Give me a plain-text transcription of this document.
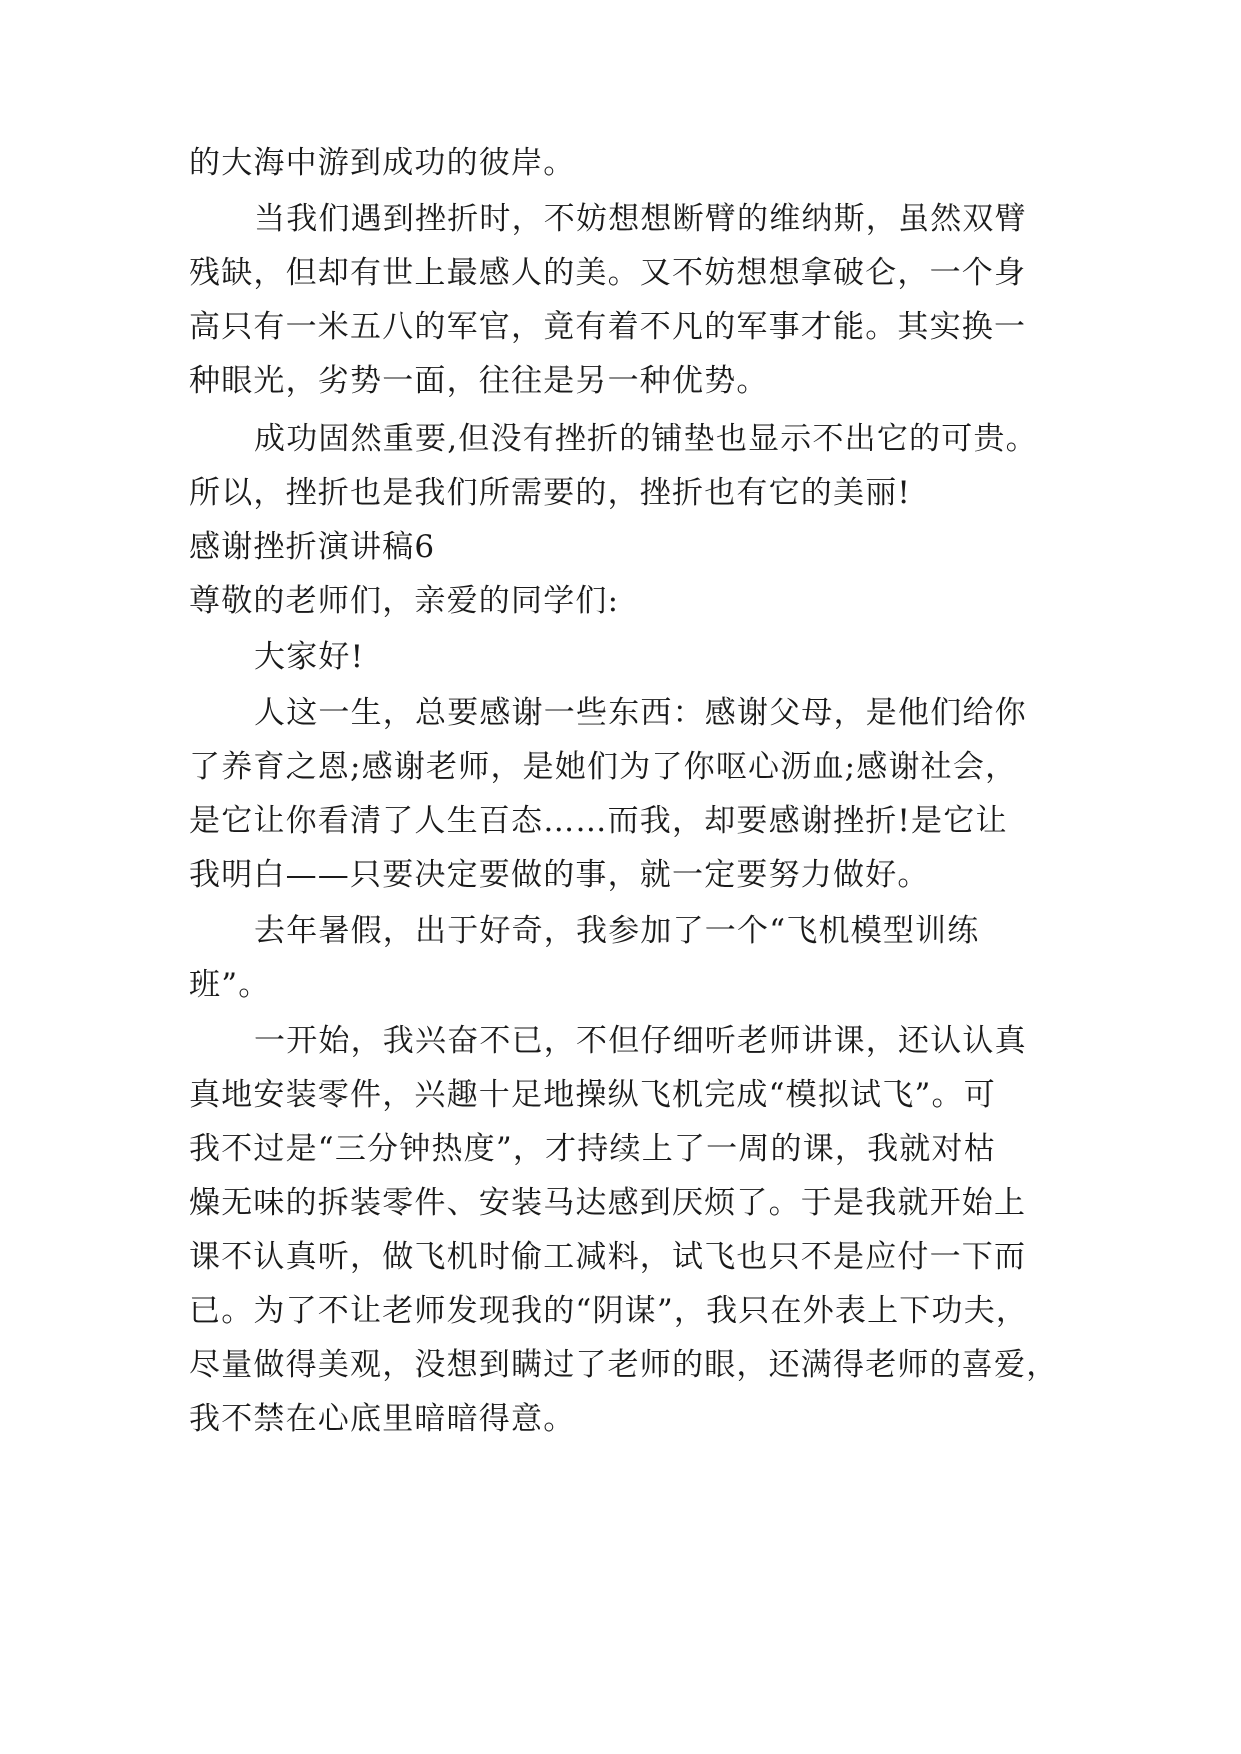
的大海中游到成功的彼岸。
当我们遇到挫折时，不妨想想断臂的维纳斯，虽然双臂
残缺，但却有世上最感人的美。又不妨想想拿破仑，一个身
高只有一米五八的军官，竟有着不凡的军事才能。其实换一
种眼光，劣势一面，往往是另一种优势。
成功固然重要,但没有挫折的铺垫也显示不出它的可贵。
所以，挫折也是我们所需要的，挫折也有它的美丽!
感谢挫折演讲稿6
尊敬的老师们，亲爱的同学们:
大家好!
人这一生，总要感谢一些东西：感谢父母，是他们给你
了养育之恩;感谢老师，是她们为了你呕心沥血;感谢社会，
是它让你看清了人生百态……而我，却要感谢挫折!是它让
我明白——只要决定要做的事，就一定要努力做好。
去年暑假，出于好奇，我参加了一个“飞机模型训练
班”。
一开始，我兴奋不已，不但仔细听老师讲课，还认认真
真地安装零件，兴趣十足地操纵飞机完成“模拟试飞”。可
我不过是“三分钟热度”，才持续上了一周的课，我就对枯
燥无味的拆装零件、安装马达感到厌烦了。于是我就开始上
课不认真听，做飞机时偷工减料，试飞也只不是应付一下而
已。为了不让老师发现我的“阴谋”，我只在外表上下功夫，
尽量做得美观，没想到瞒过了老师的眼，还满得老师的喜爱，
我不禁在心底里暗暗得意。
